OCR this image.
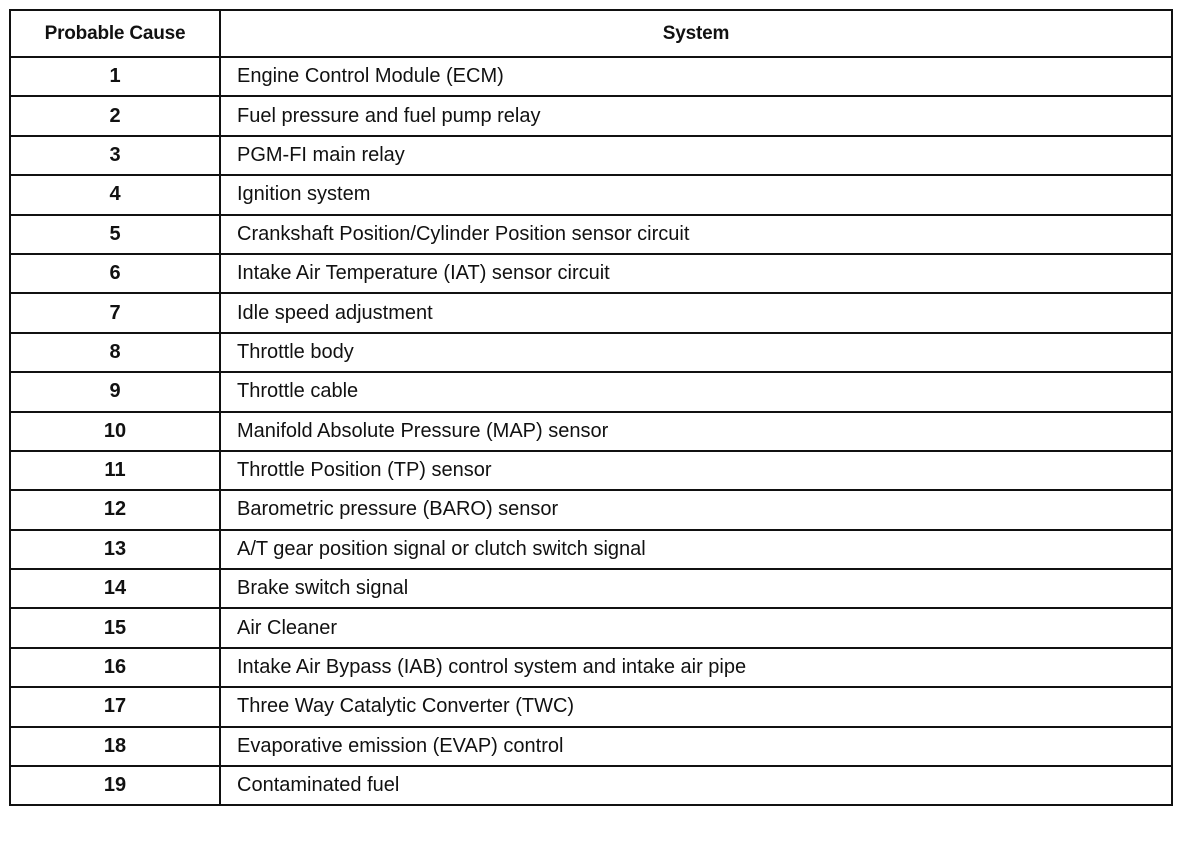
Probable Cause	System
1	Engine Control Module (ECM)
2	Fuel pressure and fuel pump relay
3	PGM-FI main relay
4	Ignition system
5	Crankshaft Position/Cylinder Position sensor circuit
6	Intake Air Temperature (IAT) sensor circuit
7	Idle speed adjustment
8	Throttle body
9	Throttle cable
10	Manifold Absolute Pressure (MAP) sensor
11	Throttle Position (TP) sensor
12	Barometric pressure (BARO) sensor
13	A/T gear position signal or clutch switch signal
14	Brake switch signal
15	Air Cleaner
16	Intake Air Bypass (IAB) control system and intake air pipe
17	Three Way Catalytic Converter (TWC)
18	Evaporative emission (EVAP) control
19	Contaminated fuel
